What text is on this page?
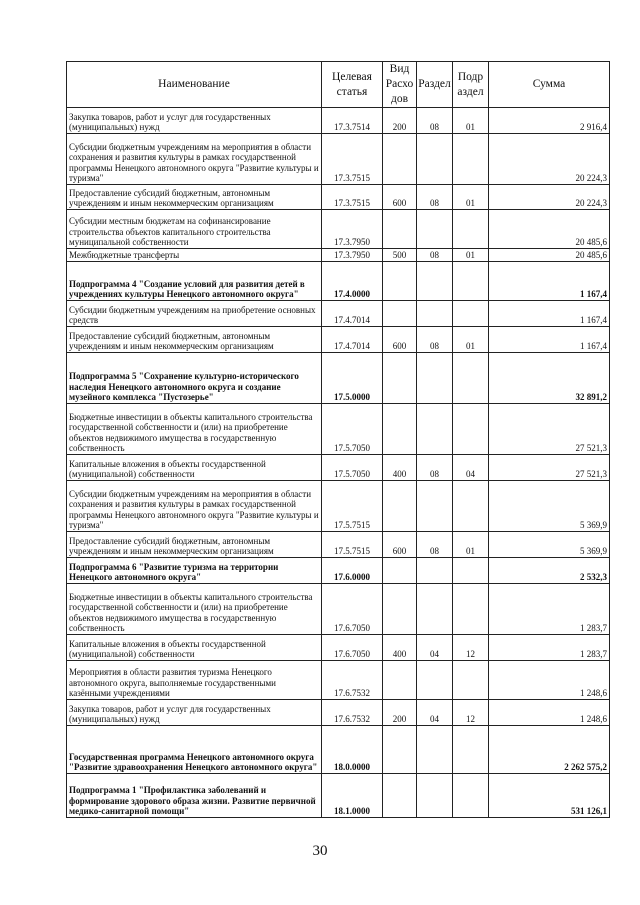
Наименование	Целевая статья	Вид Расхо дов	Раздел	Подр аздел	Сумма
Закупка товаров, работ и услуг для государственных (муниципальных) нужд	17.3.7514	200	08	01	2 916,4
Субсидии бюджетным учреждениям на мероприятия в области сохранения и развития культуры в рамках государственной программы Ненецкого автономного округа "Развитие культуры и туризма"	17.3.7515				20 224,3
Предоставление субсидий бюджетным, автономным учреждениям и иным некоммерческим организациям	17.3.7515	600	08	01	20 224,3
Субсидии местным бюджетам на софинансирование строительства объектов капитального строительства муниципальной собственности	17.3.7950				20 485,6
Межбюджетные трансферты	17.3.7950	500	08	01	20 485,6
Подпрограмма 4 "Создание условий для развития детей в учреждениях культуры Ненецкого автономного округа"	17.4.0000				1 167,4
Субсидии бюджетным учреждениям на приобретение основных средств	17.4.7014				1 167,4
Предоставление субсидий бюджетным, автономным учреждениям и иным некоммерческим организациям	17.4.7014	600	08	01	1 167,4
Подпрограмма 5 "Сохранение культурно-исторического наследия Ненецкого автономного округа и создание музейного комплекса "Пустозерье"	17.5.0000				32 891,2
Бюджетные инвестиции в объекты капитального строительства государственной собственности и (или) на приобретение объектов недвижимого имущества в государственную собственность	17.5.7050				27 521,3
Капитальные вложения в объекты государственной (муниципальной) собственности	17.5.7050	400	08	04	27 521,3
Субсидии бюджетным учреждениям на мероприятия в области сохранения и развития культуры в рамках государственной программы Ненецкого автономного округа "Развитие культуры и туризма"	17.5.7515				5 369,9
Предоставление субсидий бюджетным, автономным учреждениям и иным некоммерческим организациям	17.5.7515	600	08	01	5 369,9
Подпрограмма 6 "Развитие туризма на территории Ненецкого автономного округа"	17.6.0000				2 532,3
Бюджетные инвестиции в объекты капитального строительства государственной собственности и (или) на приобретение объектов недвижимого имущества в государственную собственность	17.6.7050				1 283,7
Капитальные вложения в объекты государственной (муниципальной) собственности	17.6.7050	400	04	12	1 283,7
Мероприятия в области развития туризма Ненецкого автономного округа, выполняемые государственными казёнными учреждениями	17.6.7532				1 248,6
Закупка товаров, работ и услуг для государственных (муниципальных) нужд	17.6.7532	200	04	12	1 248,6
Государственная программа Ненецкого автономного округа "Развитие здравоохранения Ненецкого автономного округа"	18.0.0000				2 262 575,2
Подпрограмма 1 "Профилактика заболеваний и формирование здорового образа жизни. Развитие первичной медико-санитарной помощи"	18.1.0000				531 126,1
30
